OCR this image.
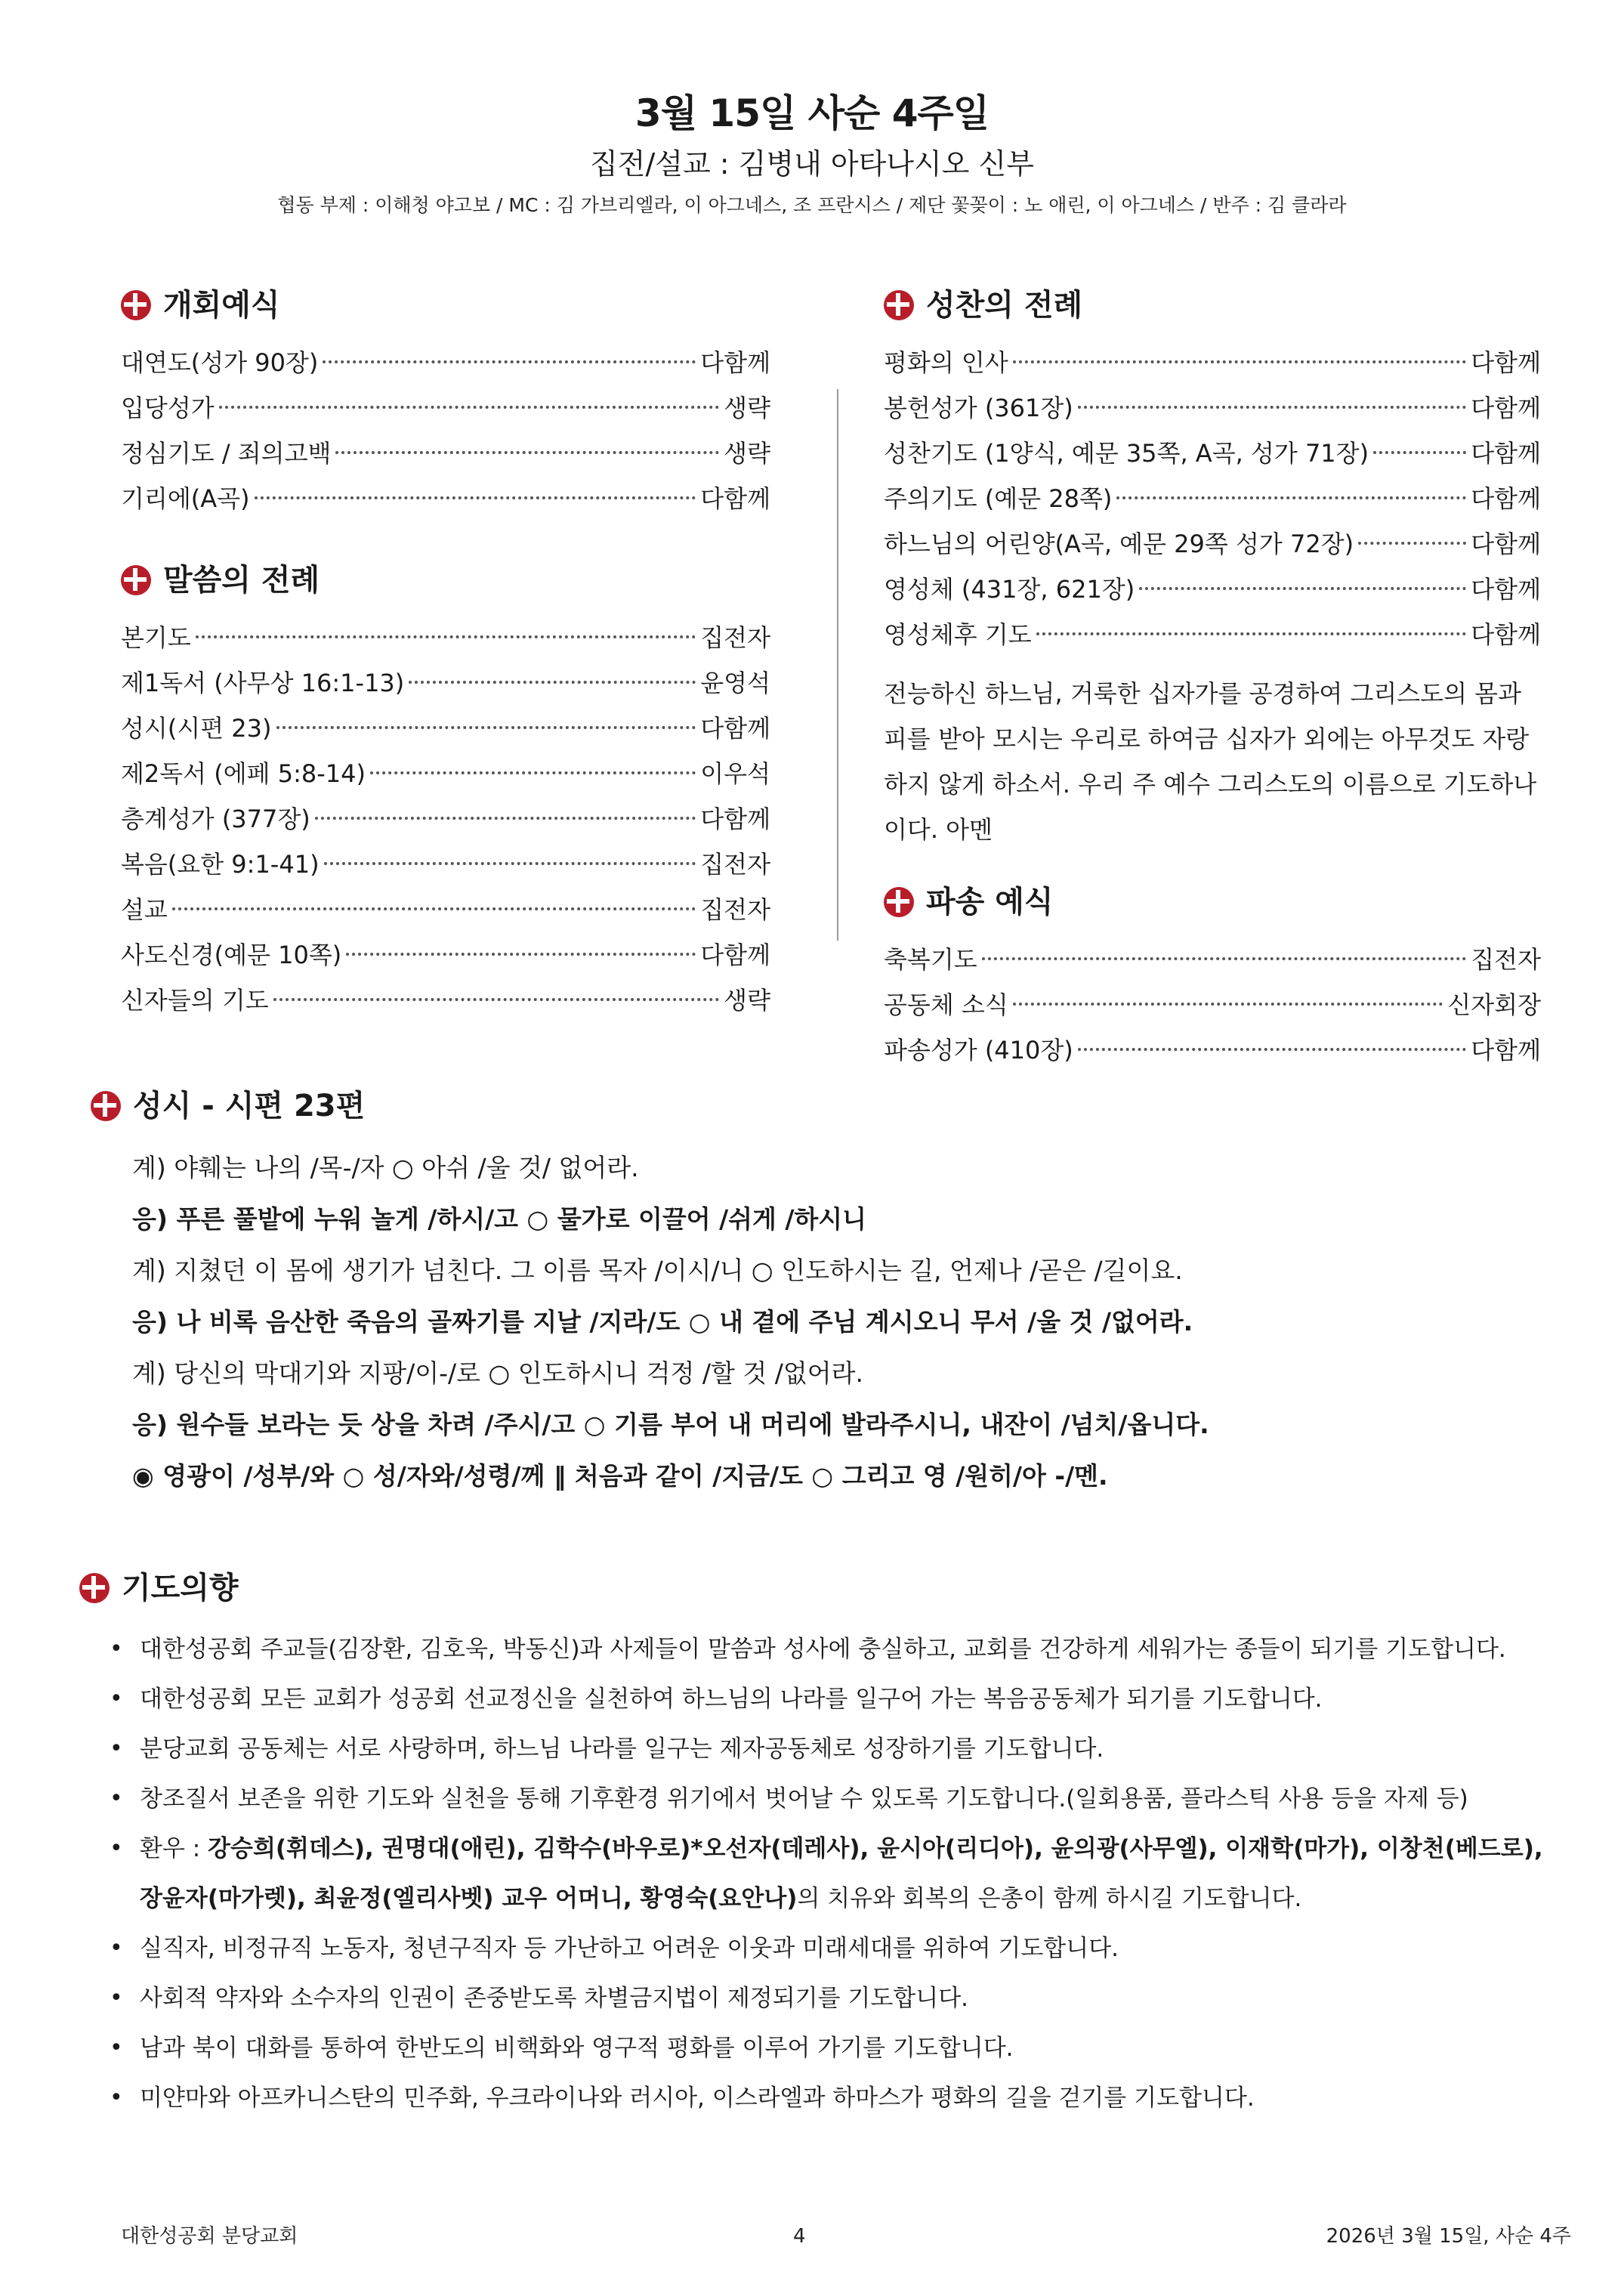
3월 15일 사순 4주일
집전/설교 : 김병내 아타나시오 신부
협동 부제 : 이해청 야고보 / MC : 김 가브리엘라, 이 아그네스, 조 프란시스 / 제단 꽃꽂이 : 노 애린, 이 아그네스 / 반주 : 김 클라라
개회예식
대연도(성가 90장)	다함께
입당성가	생략
정심기도 / 죄의고백	생략
기리에(A곡)	다함께
말씀의 전례
본기도	집전자
제1독서 (사무상 16:1-13)	윤영석
성시(시편 23)	다함께
제2독서 (에페 5:8-14)	이우석
층계성가 (377장)	다함께
복음(요한 9:1-41)	집전자
설교	집전자
사도신경(예문 10쪽)	다함께
신자들의 기도	생략
성찬의 전례
평화의 인사	다함께
봉헌성가 (361장)	다함께
성찬기도 (1양식, 예문 35쪽, A곡, 성가 71장)	다함께
주의기도 (예문 28쪽)	다함께
하느님의 어린양(A곡, 예문 29쪽 성가 72장)	다함께
영성체 (431장, 621장)	다함께
영성체후 기도	다함께
전능하신 하느님, 거룩한 십자가를 공경하여 그리스도의 몸과 피를 받아 모시는 우리로 하여금 십자가 외에는 아무것도 자랑하지 않게 하소서. 우리 주 예수 그리스도의 이름으로 기도하나이다. 아멘
파송 예식
축복기도	집전자
공동체 소식	신자회장
파송성가 (410장)	다함께
성시 - 시편 23편
계) 야훼는 나의 /목-/자 ○ 아쉬 /울 것/ 없어라.
응) 푸른 풀밭에 누워 놀게 /하시/고 ○ 물가로 이끌어 /쉬게 /하시니
계) 지쳤던 이 몸에 생기가 넘친다. 그 이름 목자 /이시/니 ○ 인도하시는 길, 언제나 /곧은 /길이요.
응) 나 비록 음산한 죽음의 골짜기를 지날 /지라/도 ○ 내 곁에 주님 계시오니 무서 /울 것 /없어라.
계) 당신의 막대기와 지팡/이-/로 ○ 인도하시니 걱정 /할 것 /없어라.
응) 원수들 보라는 듯 상을 차려 /주시/고 ○ 기름 부어 내 머리에 발라주시니, 내잔이 /넘치/옵니다.
◉ 영광이 /성부/와 ○ 성/자와/성령/께 ‖ 처음과 같이 /지금/도 ○ 그리고 영 /원히/아 -/멘.
기도의향
• 대한성공회 주교들(김장환, 김호욱, 박동신)과 사제들이 말씀과 성사에 충실하고, 교회를 건강하게 세워가는 종들이 되기를 기도합니다.
• 대한성공회 모든 교회가 성공회 선교정신을 실천하여 하느님의 나라를 일구어 가는 복음공동체가 되기를 기도합니다.
• 분당교회 공동체는 서로 사랑하며, 하느님 나라를 일구는 제자공동체로 성장하기를 기도합니다.
• 창조질서 보존을 위한 기도와 실천을 통해 기후환경 위기에서 벗어날 수 있도록 기도합니다.(일회용품, 플라스틱 사용 등을 자제 등)
• 환우 : 강승희(휘데스), 권명대(애린), 김학수(바우로)*오선자(데레사), 윤시아(리디아), 윤의광(사무엘), 이재학(마가), 이창천(베드로), 장윤자(마가렛), 최윤정(엘리사벳) 교우 어머니, 황영숙(요안나)의 치유와 회복의 은총이 함께 하시길 기도합니다.
• 실직자, 비정규직 노동자, 청년구직자 등 가난하고 어려운 이웃과 미래세대를 위하여 기도합니다.
• 사회적 약자와 소수자의 인권이 존중받도록 차별금지법이 제정되기를 기도합니다.
• 남과 북이 대화를 통하여 한반도의 비핵화와 영구적 평화를 이루어 가기를 기도합니다.
• 미얀마와 아프카니스탄의 민주화, 우크라이나와 러시아, 이스라엘과 하마스가 평화의 길을 걷기를 기도합니다.
대한성공회 분당교회	4	2026년 3월 15일, 사순 4주
